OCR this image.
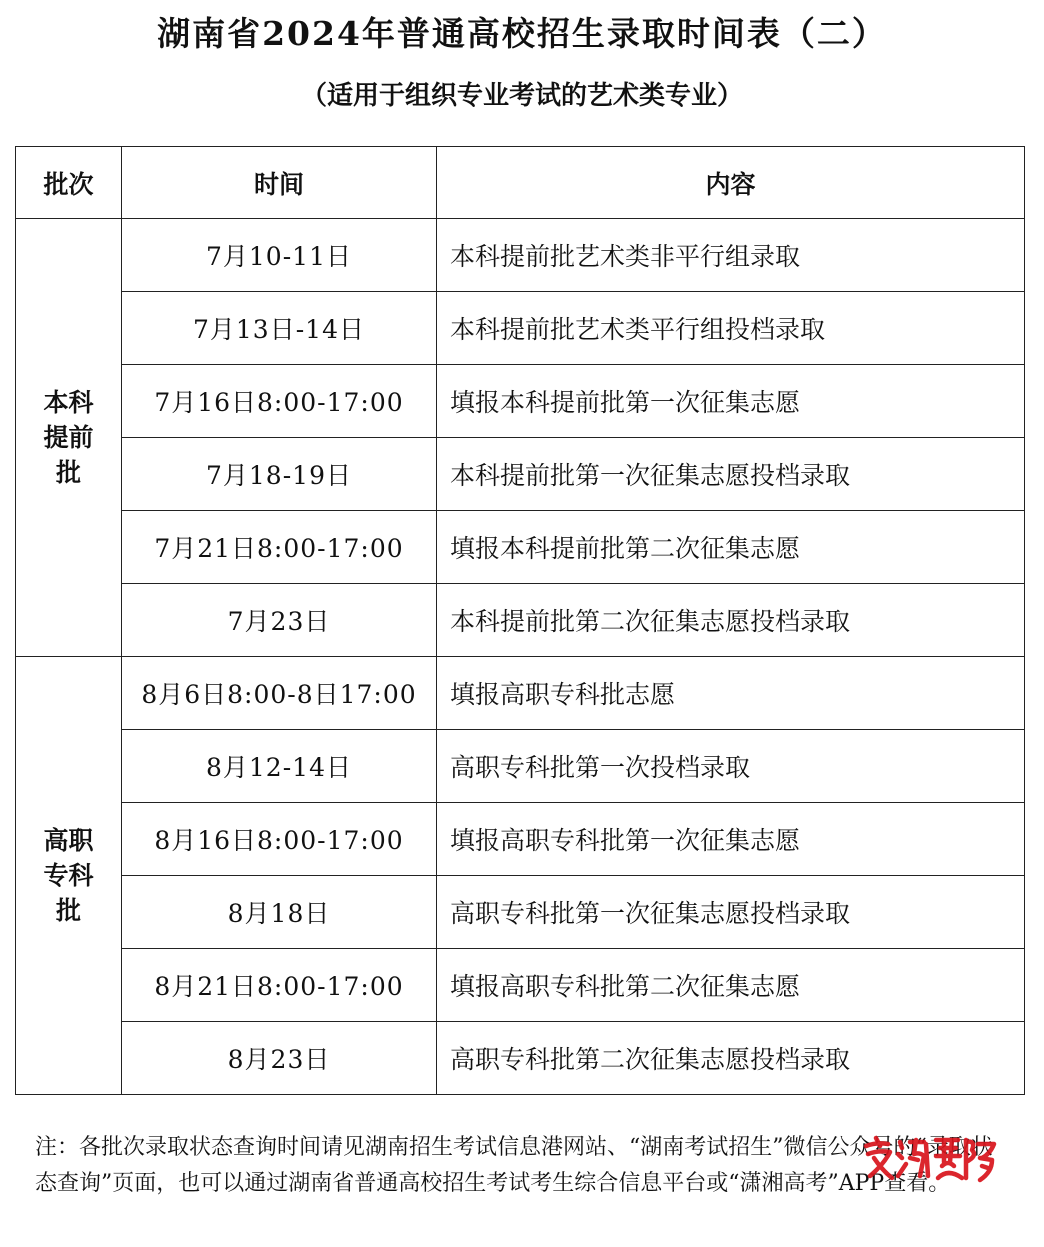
湖南省2024年普通高校招生录取时间表（二）
（适用于组织专业考试的艺术类专业）
批次	时间	内容
本科提前批	7月10-11日	本科提前批艺术类非平行组录取
	7月13日-14日	本科提前批艺术类平行组投档录取
	7月16日8:00-17:00	填报本科提前批第一次征集志愿
	7月18-19日	本科提前批第一次征集志愿投档录取
	7月21日8:00-17:00	填报本科提前批第二次征集志愿
	7月23日	本科提前批第二次征集志愿投档录取
高职专科批	8月6日8:00-8日17:00	填报高职专科批志愿
	8月12-14日	高职专科批第一次投档录取
	8月16日8:00-17:00	填报高职专科批第一次征集志愿
	8月18日	高职专科批第一次征集志愿投档录取
	8月21日8:00-17:00	填报高职专科批第二次征集志愿
	8月23日	高职专科批第二次征集志愿投档录取
注：各批次录取状态查询时间请见湖南招生考试信息港网站、“湖南考试招生”微信公众号的“录取状态查询”页面，也可以通过湖南省普通高校招生考试考生综合信息平台或“潇湘高考”APP查看。
